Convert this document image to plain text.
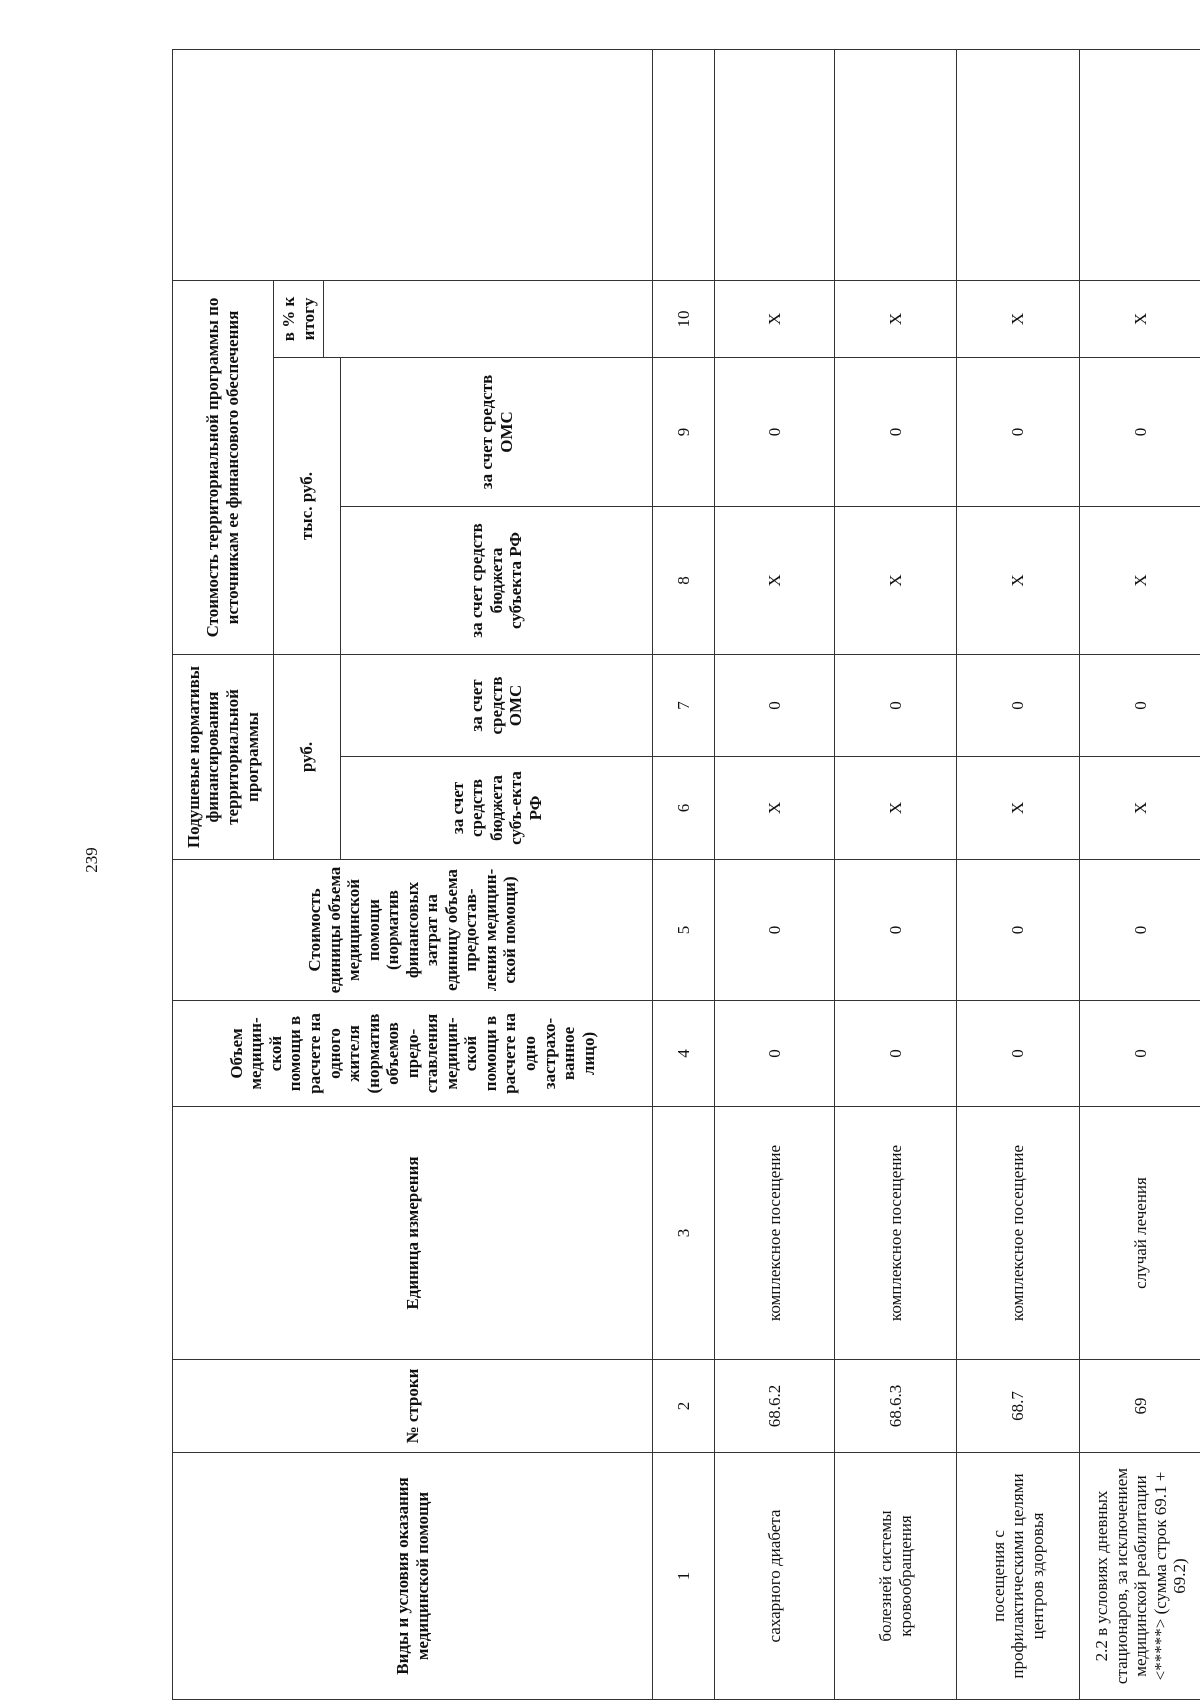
239
Виды и условия оказания медицинской помощи	№ строки	Единица измерения	Объем медицин-ской помощи в расчете на одного жителя (норматив объемов предо-ставления медицин-ской помощи в расчете на одно застрахо-ванное лицо)	Стоимость единицы объема медицинской помощи (норматив финансовых затрат на единицу объема предостав-ления медицин-ской помощи)	Подушевые нормативы финансирования территориальной программы		Стоимость территориальной программы по источникам ее финансового обеспечения			
					руб.		тыс. руб.		в % к итогу	

					за счет средств бюджета субъ-екта РФ	за счет средств ОМС	за счет средств бюджета субъекта РФ	за счет средств ОМС		
1	2	3	4	5	6	7	8	9	10	
сахарного диабета	68.6.2	комплексное посещение	0	0	X	0	X	0	X	
болезней системы кровообращения	68.6.3	комплексное посещение	0	0	X	0	X	0	X	
посещения с профилактическими целями центров здоровья	68.7	комплексное посещение	0	0	X	0	X	0	X	
2.2 в условиях дневных стационаров, за исключением медицинской реабилитации <*****> (сумма строк 69.1 + 69.2)	69	случай лечения	0	0	X	0	X	0	X	
